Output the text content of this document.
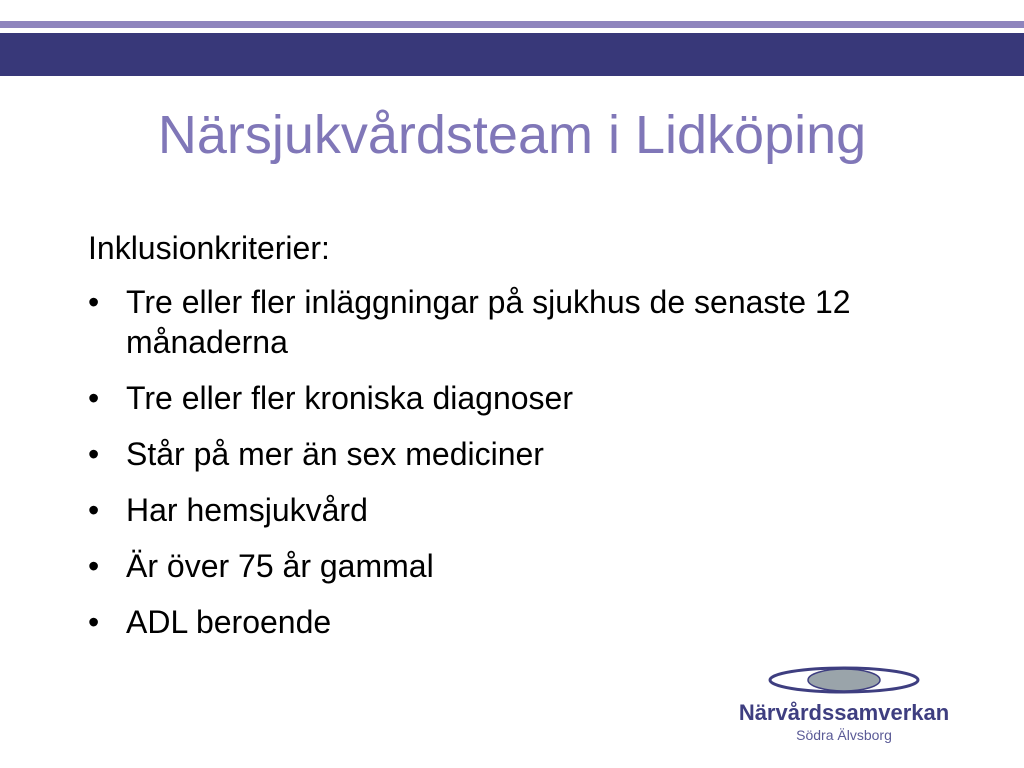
Närsjukvårdsteam i Lidköping
Inklusionkriterier:
• Tre eller fler inläggningar på sjukhus de senaste 12 månaderna
• Tre eller fler kroniska diagnoser
• Står på mer än sex mediciner
• Har hemsjukvård
• Är över 75 år gammal
• ADL beroende
Närvårdssamverkan
Södra Älvsborg
